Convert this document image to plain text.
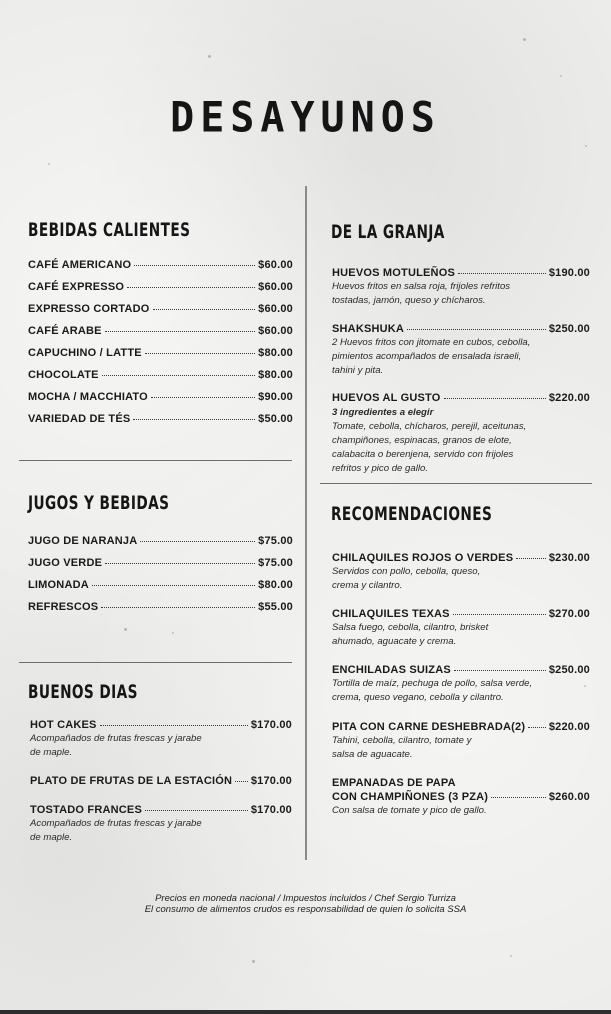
DESAYUNOS
BEBIDAS CALIENTES
CAFÉ AMERICANO	$60.00
CAFÉ EXPRESSO	$60.00
EXPRESSO CORTADO	$60.00
CAFÉ ARABE	$60.00
CAPUCHINO / LATTE	$80.00
CHOCOLATE	$80.00
MOCHA / MACCHIATO	$90.00
VARIEDAD DE TÉS	$50.00
JUGOS Y BEBIDAS
JUGO DE NARANJA	$75.00
JUGO VERDE	$75.00
LIMONADA	$80.00
REFRESCOS	$55.00
BUENOS DIAS
HOT CAKES	$170.00
Acompañados de frutas frescas y jarabe
de maple.
PLATO DE FRUTAS DE LA ESTACIÓN $170.00
TOSTADO FRANCES	$170.00
Acompañados de frutas frescas y jarabe
de maple.
DE LA GRANJA
HUEVOS MOTULEÑOS	$190.00
Huevos fritos en salsa roja, frijoles refritos
tostadas, jamón, queso y chícharos.
SHAKSHUKA	$250.00
2 Huevos fritos con jitomate en cubos, cebolla,
pimientos acompañados de ensalada israeli,
tahini y pita.
HUEVOS AL GUSTO	$220.00
3 ingredientes a elegir
Tomate, cebolla, chícharos, perejil, aceitunas,
champiñones, espinacas, granos de elote,
calabacita o berenjena, servido con frijoles
refritos y pico de gallo.
RECOMENDACIONES
CHILAQUILES ROJOS O VERDES	$230.00
Servidos con pollo, cebolla, queso,
crema y cilantro.
CHILAQUILES TEXAS	$270.00
Salsa fuego, cebolla, cilantro, brisket
ahumado, aguacate y crema.
ENCHILADAS SUIZAS	$250.00
Tortilla de maíz, pechuga de pollo, salsa verde,
crema, queso vegano, cebolla y cilantro.
PITA CON CARNE DESHEBRADA(2) $220.00
Tahini, cebolla, cilantro, tomate y
salsa de aguacate.
EMPANADAS DE PAPA
CON CHAMPIÑONES (3 PZA)	$260.00
Con salsa de tomate y pico de gallo.
Precios en moneda nacional / Impuestos incluidos / Chef Sergio Turriza
El consumo de alimentos crudos es responsabilidad de quien lo solicita SSA
